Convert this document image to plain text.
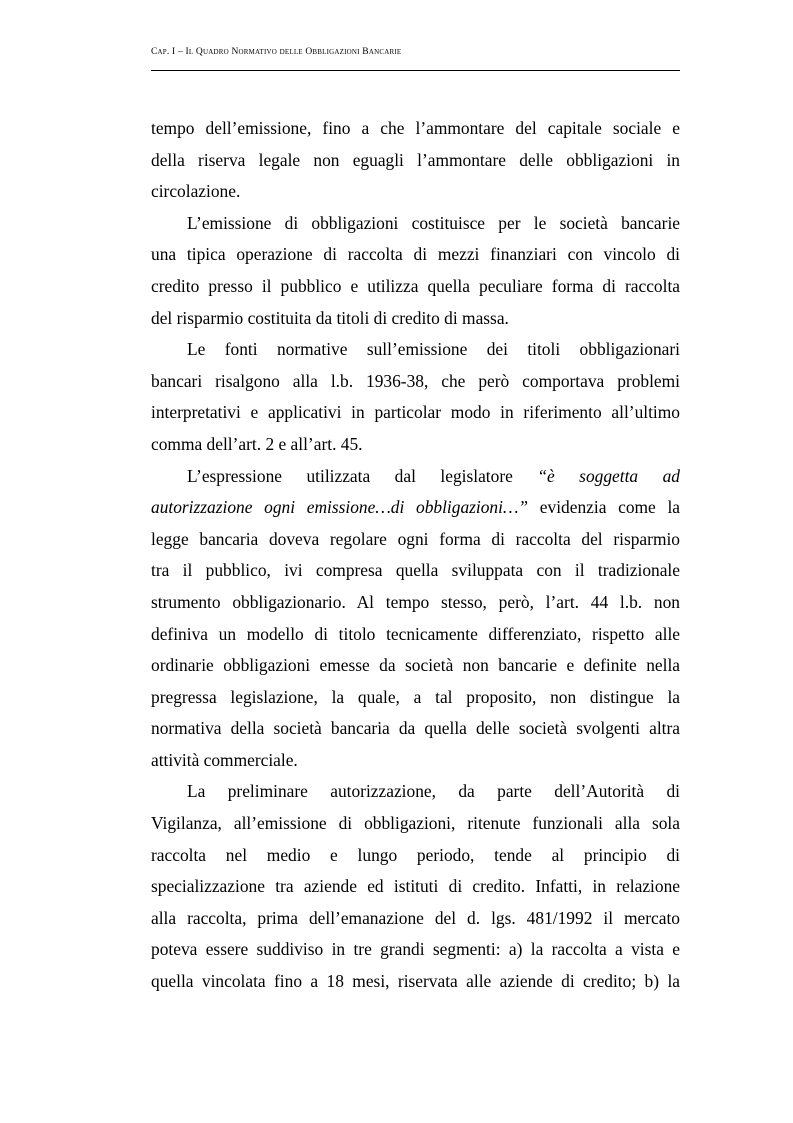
Cap. I – Il Quadro Normativo delle Obbligazioni Bancarie
tempo dell’emissione, fino a che l’ammontare del capitale sociale e
della riserva legale non eguagli l’ammontare delle obbligazioni in
circolazione.
L’emissione di obbligazioni costituisce per le società bancarie
una tipica operazione di raccolta di mezzi finanziari con vincolo di
credito presso il pubblico e utilizza quella peculiare forma di raccolta
del risparmio costituita da titoli di credito di massa.
Le fonti normative sull’emissione dei titoli obbligazionari
bancari risalgono alla l.b. 1936-38, che però comportava problemi
interpretativi e applicativi in particolar modo in riferimento all’ultimo
comma dell’art. 2 e all’art. 45.
L’espressione utilizzata dal legislatore “è soggetta ad
autorizzazione ogni emissione…di obbligazioni…” evidenzia come la
legge bancaria doveva regolare ogni forma di raccolta del risparmio
tra il pubblico, ivi compresa quella sviluppata con il tradizionale
strumento obbligazionario. Al tempo stesso, però, l’art. 44 l.b. non
definiva un modello di titolo tecnicamente differenziato, rispetto alle
ordinarie obbligazioni emesse da società non bancarie e definite nella
pregressa legislazione, la quale, a tal proposito, non distingue la
normativa della società bancaria da quella delle società svolgenti altra
attività commerciale.
La preliminare autorizzazione, da parte dell’Autorità di
Vigilanza, all’emissione di obbligazioni, ritenute funzionali alla sola
raccolta nel medio e lungo periodo, tende al principio di
specializzazione tra aziende ed istituti di credito. Infatti, in relazione
alla raccolta, prima dell’emanazione del d. lgs. 481/1992 il mercato
poteva essere suddiviso in tre grandi segmenti: a) la raccolta a vista e
quella vincolata fino a 18 mesi, riservata alle aziende di credito; b) la
